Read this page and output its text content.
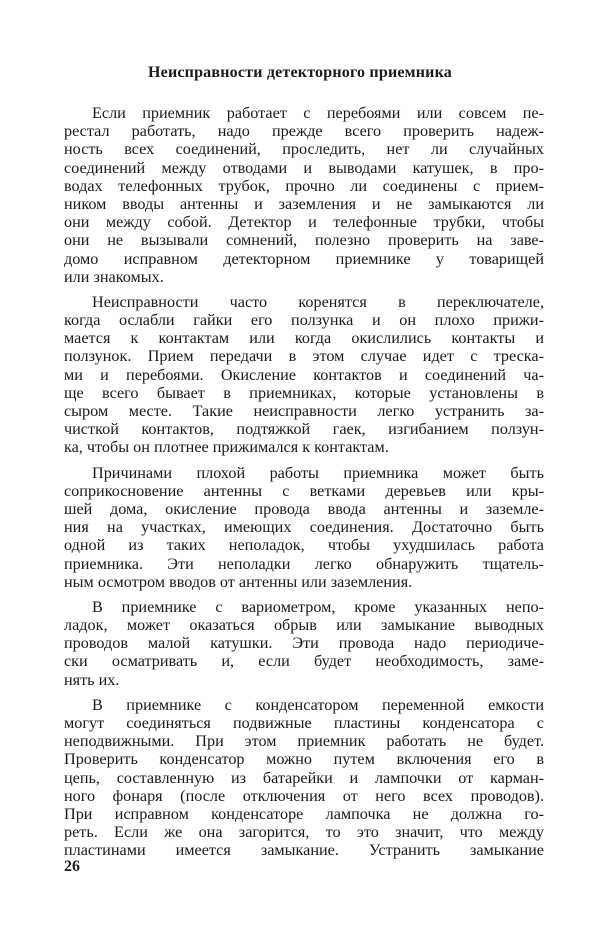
Неисправности детекторного приемника
Если приемник работает с перебоями или совсем пе-
рестал работать, надо прежде всего проверить надеж-
ность всех соединений, проследить, нет ли случайных
соединений между отводами и выводами катушек, в про-
водах телефонных трубок, прочно ли соединены с прием-
ником вводы антенны и заземления и не замыкаются ли
они между собой. Детектор и телефонные трубки, чтобы
они не вызывали сомнений, полезно проверить на заве-
домо исправном детекторном приемнике у товарищей
или знакомых.
Неисправности часто коренятся в переключателе,
когда ослабли гайки его ползунка и он плохо прижи-
мается к контактам или когда окислились контакты и
ползунок. Прием передачи в этом случае идет с треска-
ми и перебоями. Окисление контактов и соединений ча-
ще всего бывает в приемниках, которые установлены в
сыром месте. Такие неисправности легко устранить за-
чисткой контактов, подтяжкой гаек, изгибанием ползун-
ка, чтобы он плотнее прижимался к контактам.
Причинами плохой работы приемника может быть
соприкосновение антенны с ветками деревьев или кры-
шей дома, окисление провода ввода антенны и заземле-
ния на участках, имеющих соединения. Достаточно быть
одной из таких неполадок, чтобы ухудшилась работа
приемника. Эти неполадки легко обнаружить тщатель-
ным осмотром вводов от антенны или заземления.
В приемнике с вариометром, кроме указанных непо-
ладок, может оказаться обрыв или замыкание выводных
проводов малой катушки. Эти провода надо периодиче-
ски осматривать и, если будет необходимость, заме-
нять их.
В приемнике с конденсатором переменной емкости
могут соединяться подвижные пластины конденсатора с
неподвижными. При этом приемник работать не будет.
Проверить конденсатор можно путем включения его в
цепь, составленную из батарейки и лампочки от карман-
ного фонаря (после отключения от него всех проводов).
При исправном конденсаторе лампочка не должна го-
реть. Если же она загорится, то это значит, что между
пластинами имеется замыкание. Устранить замыкание
26
